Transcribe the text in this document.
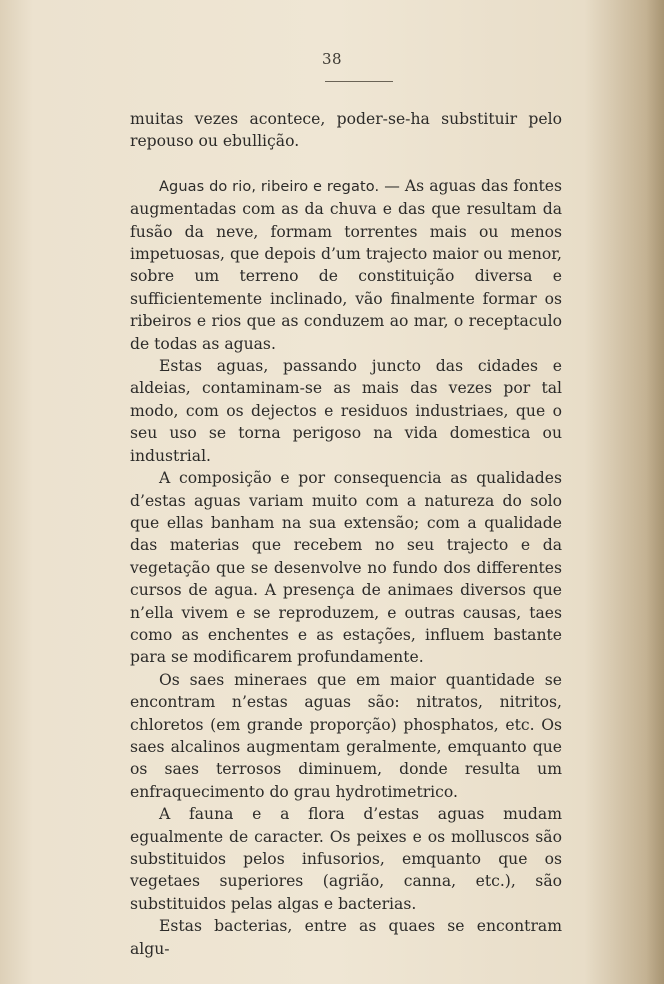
38

muitas vezes acontece, poder-se-ha substituir pelo repouso ou ebullição.

Aguas do rio, ribeiro e regato. — As aguas das fontes augmentadas com as da chuva e das que resultam da fusão da neve, formam torrentes mais ou menos impetuosas, que depois d’um trajecto maior ou menor, sobre um terreno de constituição diversa e sufficientemente inclinado, vão finalmente formar os ribeiros e rios que as conduzem ao mar, o receptaculo de todas as aguas.

Estas aguas, passando juncto das cidades e aldeias, contaminam-se as mais das vezes por tal modo, com os dejectos e residuos industriaes, que o seu uso se torna perigoso na vida domestica ou industrial.

A composição e por consequencia as qualidades d’estas aguas variam muito com a natureza do solo que ellas banham na sua extensão; com a qualidade das materias que recebem no seu trajecto e da vegetação que se desenvolve no fundo dos differentes cursos de agua. A presença de animaes diversos que n’ella vivem e se reproduzem, e outras causas, taes como as enchentes e as estações, influem bastante para se modificarem profundamente.

Os saes mineraes que em maior quantidade se encontram n’estas aguas são: nitratos, nitritos, chloretos (em grande proporção) phosphatos, etc. Os saes alcalinos augmentam geralmente, emquanto que os saes terrosos diminuem, donde resulta um enfraquecimento do grau hydrotimetrico.

A fauna e a flora d’estas aguas mudam egualmente de caracter. Os peixes e os molluscos são substituidos pelos infusorios, emquanto que os vegetaes superiores (agrião, canna, etc.), são substituidos pelas algas e bacterias.

Estas bacterias, entre as quaes se encontram algu-
